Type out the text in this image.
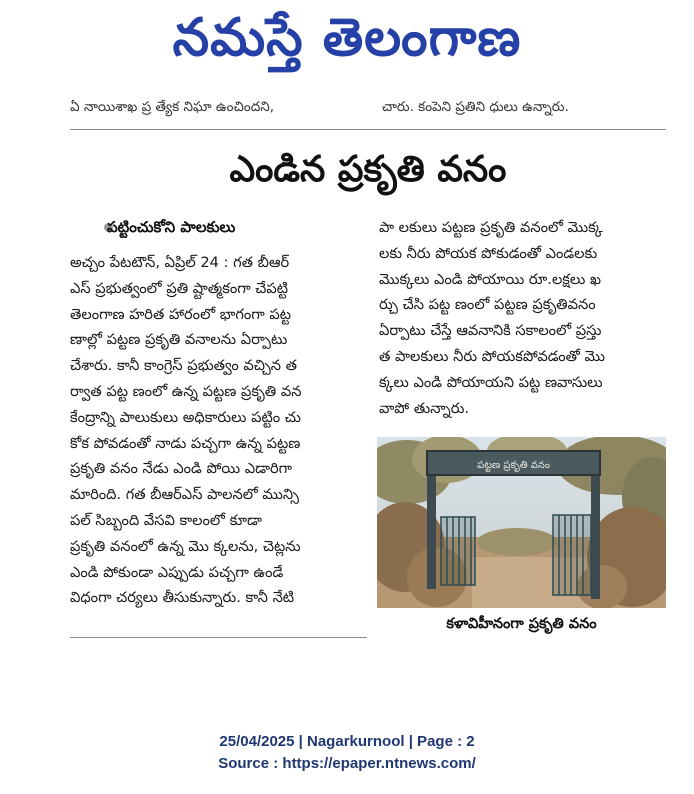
నమస్తే తెలంగాణ
ఏ నాయిశాఖ ప్ర త్యేక నిఘా ఉంచిందని,	చారు. కంపెని ప్రతిని ధులు ఉన్నారు.
ఎండిన ప్రకృతి వనం
పట్టించుకోని పాలకులు

అచ్చం పేటటౌన్, ఏప్రిల్ 24 : గత బీఆర్

ఎస్ ప్రభుత్వంలో ప్రతి ష్టాత్మకంగా చేపట్టి

తెలంగాణ హరిత హారంలో భాగంగా పట్ట

ణాల్లో పట్టణ ప్రకృతి వనాలను ఏర్పాటు

చేశారు. కానీ కాంగ్రెస్ ప్రభుత్వం వచ్చిన త

ర్వాత పట్ట ణంలో ఉన్న పట్టణ ప్రకృతి వన

కేంద్రాన్ని పాలుకులు అధికారులు పట్టిం చు

కోక పోవడంతో నాడు పచ్చగా ఉన్న పట్టణ

ప్రకృతి వనం నేడు ఎండి పోయి ఎడారిగా

మారింది. గత బీఆర్ఎస్ పాలనలో మున్సి

పల్ సిబ్బంది వేసవి కాలంలో కూడా

ప్రకృతి వనంలో ఉన్న మొ క్కలను, చెట్లను

ఎండి పోకుండా ఎప్పుడు పచ్చగా ఉండే

విధంగా చర్యలు తీసుకున్నారు. కానీ నేటి

పా లకులు పట్టణ ప్రకృతి వనంలో మొక్క

లకు నీరు పోయక పోకుడంతో ఎండలకు

మొక్కలు ఎండి పోయాయి రూ.లక్షలు ఖ

ర్చు చేసి పట్ట ణంలో పట్టణ ప్రకృతివనం

ఏర్పాటు చేస్తే ఆవనానికి సకాలంలో ప్రస్తు

త పాలకులు నీరు పోయకపోవడంతో మొ

క్కలు ఎండి పోయాయని పట్ట ణవాసులు

వాపో తున్నారు.

పట్టణ ప్రకృతి వనం
కళావిహీనంగా ప్రకృతి వనం
25/04/2025 | Nagarkurnool | Page : 2
Source : https://epaper.ntnews.com/
